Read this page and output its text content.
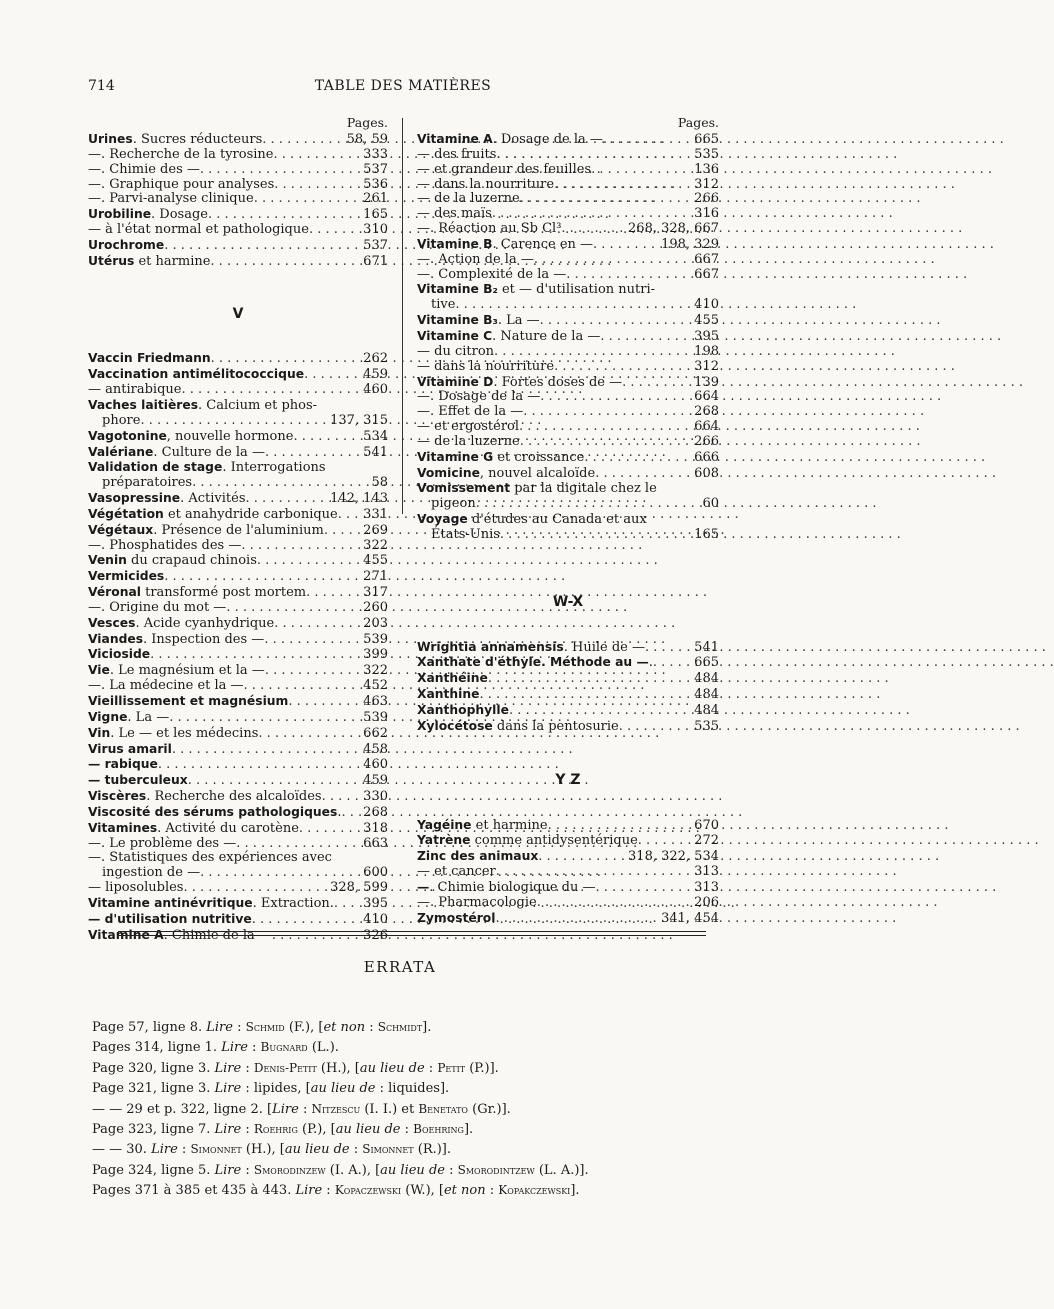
714	TABLE DES MATIÈRES
Pages.
Urines. Sucres réducteurs . . .	58, 59
—. Recherche de la tyrosine . . .	333
—. Chimie des — . . .	537
—. Graphique pour analyses . . .	536
—. Parvi-analyse clinique . . .	261
Urobiline. Dosage . . .	165
— à l'état normal et pathologique . . .	310
Urochrome . . .	537
Utérus et harmine . . .	671
V
Vaccin Friedmann . . .	262
Vaccination antimélitococcique . . .	459
— antirabique . . .	460
Vaches laitières. Calcium et phos-
phore . . .	137, 315
Vagotonine, nouvelle hormone . . .	534
Valériane. Culture de la — . . .	541
Validation de stage. Interrogations
préparatoires . . .	58
Vasopressine. Activités . . .	142, 143
Végétation et anahydride carbonique . . .	331
Végétaux. Présence de l'aluminium . . .	269
—. Phosphatides des — . . .	322
Venin du crapaud chinois . . .	455
Vermicides . . .	271
Véronal transformé post mortem . . .	317
—. Origine du mot — . . .	260
Vesces. Acide cyanhydrique . . .	203
Viandes. Inspection des — . . .	539
Vicioside . . .	399
Vie. Le magnésium et la — . . .	322
—. La médecine et la — . . .	452
Vieillissement et magnésium . . .	463
Vigne. La — . . .	539
Vin. Le — et les médecins . . .	662
Virus amaril . . .	458
— rabique . . .	460
— tuberculeux . . .	459
Viscères. Recherche des alcaloïdes . . .	330
Viscosité des sérums pathologiques. . . .	268
Vitamines. Activité du carotène . . .	318
—. Le problème des — . . .	663
—. Statistiques des expériences avec
ingestion de — . . .	600
— liposolubles . . .	328, 599
Vitamine antinévritique. Extraction. . . .	395
— d'utilisation nutritive . . .	410
Vitamine A. Chimie de la — . . .	326
Pages.
Vitamine A. Dosage de la — . . .	665
— des fruits . . .	535
— et grandeur des feuilles . . .	136
— dans la nourriture . . .	312
— de la luzerne . . .	266
— des maïs . . .	316
—. Réaction au Sb Cl³ . . .	268, 328, 667
Vitamine B. Carence en — . . .	198, 329
—. Action de la — . . .	667
—. Complexité de la — . . .	667
Vitamine B₂ et — d'utilisation nutri-
tive . . .	410
Vitamine B₃. La — . . .	455
Vitamine C. Nature de la — . . .	395
— du citron . . .	198
— dans la nourriture . . .	312
Vitamine D. Fortes doses de — . . .	139
—. Dosage de la — . . .	664
—. Effet de la — . . .	268
— et ergostérol . . .	664
— de la luzerne . . .	266
Vitamine G et croissance . . .	666
Vomicine, nouvel alcaloïde . . .	608
Vomissement par la digitale chez le
pigeon . . .	60
Voyage d'études au Canada et aux
États-Unis . . .	165
W-X
Wrightia annamensis. Huile de — . . .	541
Xanthate d'éthyle. Méthode au —. . . .	665
Xanthéine . . .	484
Xanthine . . .	484
Xanthophylle . . .	484
Xylocétose dans la pentosurie . . .	535
Y Z
Yagéine et harmine . . .	670
Yatrène comme antidysentérique . . .	272
Zinc des animaux . . .	318, 322, 534
— et cancer . . .	313
—. Chimie biologique du — . . .	313
—. Pharmacologie . . .	206
Zymostérol . . .	341, 454
ERRATA
Page 57, ligne 8. Lire : Schmid (F.), [et non : Schmidt].
Pages 314, ligne 1. Lire : Bugnard (L.).
Page 320, ligne 3. Lire : Denis-Petit (H.), [au lieu de : Petit (P.)].
Page 321, ligne 3. Lire : lipides, [au lieu de : liquides].
— — 29 et p. 322, ligne 2. [Lire : Nitzescu (I. I.) et Benetato (Gr.)].
Page 323, ligne 7. Lire : Roehrig (P.), [au lieu de : Boehring].
— — 30. Lire : Simonnet (H.), [au lieu de : Simonnet (R.)].
Page 324, ligne 5. Lire : Smorodinzew (I. A.), [au lieu de : Smorodintzew (L. A.)].
Pages 371 à 385 et 435 à 443. Lire : Kopaczewski (W.), [et non : Kopakczewski].
